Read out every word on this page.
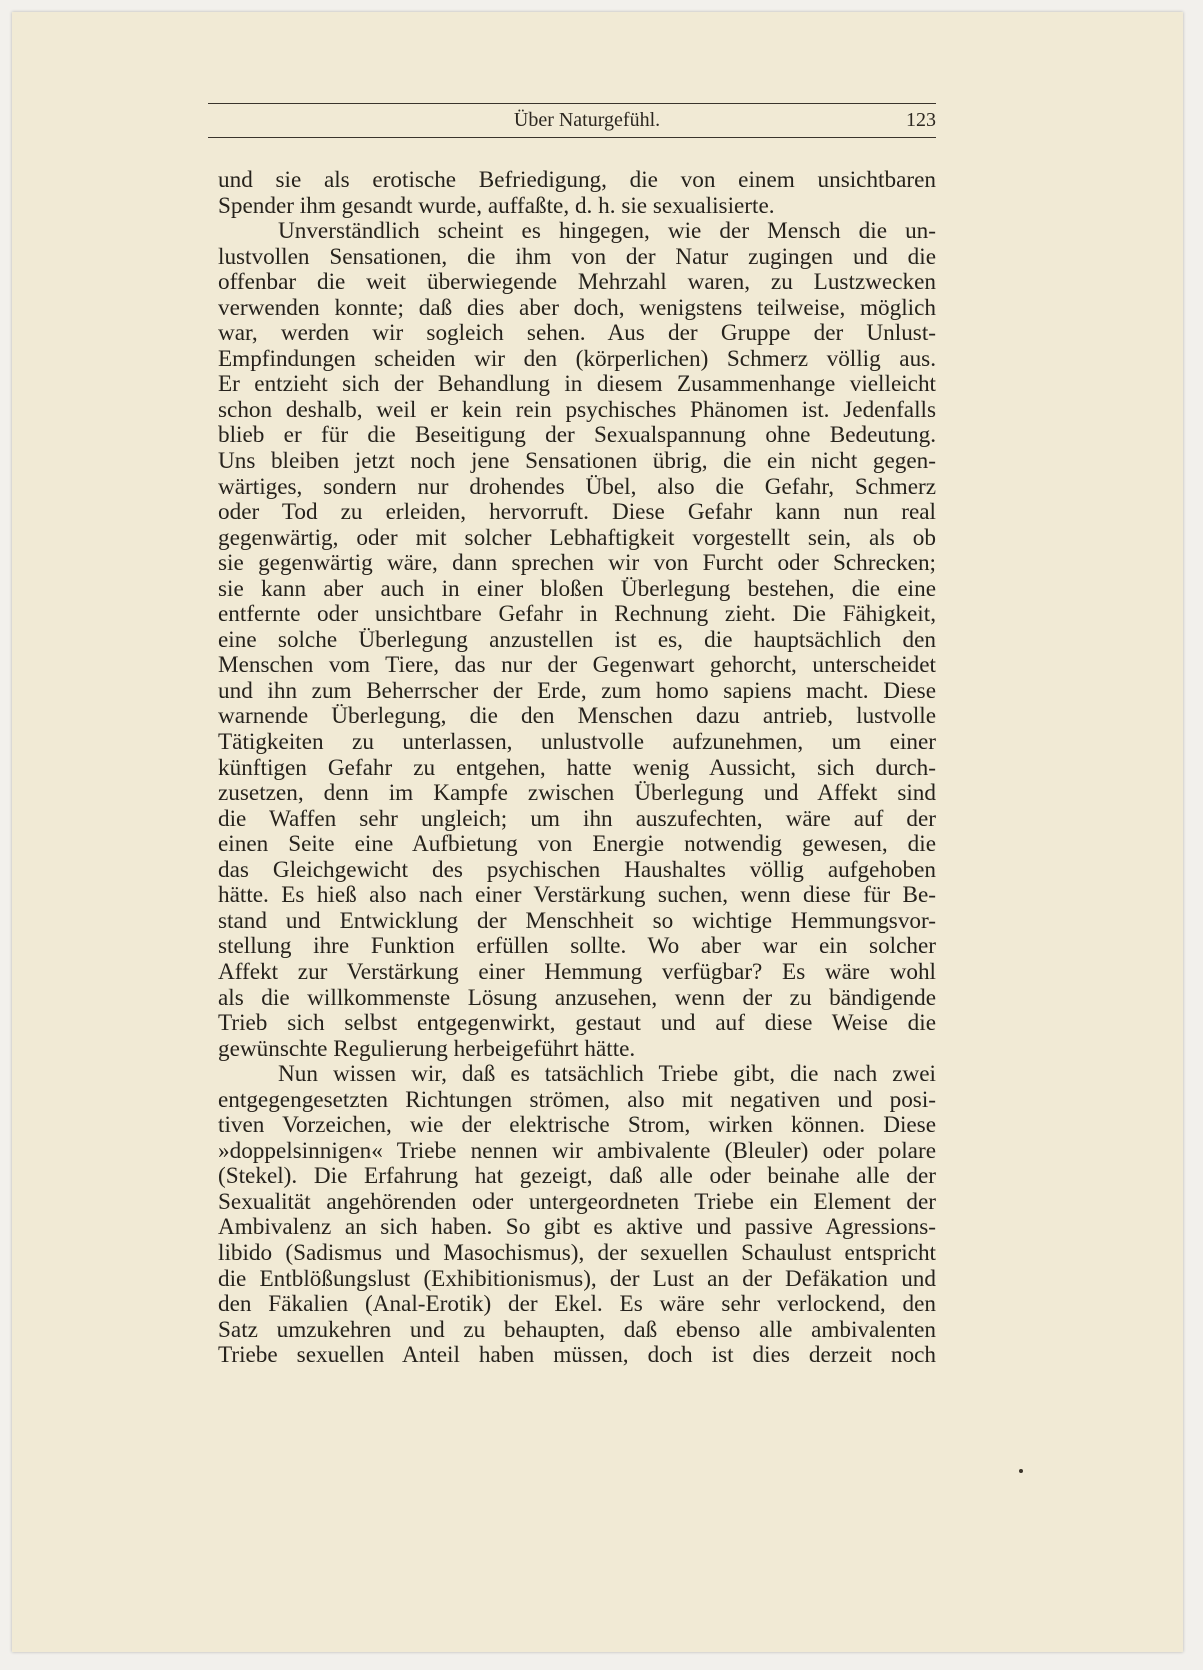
Über Naturgefühl.	123
und sie als erotische Befriedigung, die von einem unsichtbaren
Spender ihm gesandt wurde, auffaßte, d. h. sie sexualisierte.
Unverständlich scheint es hingegen, wie der Mensch die un-
lustvollen Sensationen, die ihm von der Natur zugingen und die
offenbar die weit überwiegende Mehrzahl waren, zu Lustzwecken
verwenden konnte; daß dies aber doch, wenigstens teilweise, möglich
war, werden wir sogleich sehen. Aus der Gruppe der Unlust-
Empfindungen scheiden wir den (körperlichen) Schmerz völlig aus.
Er entzieht sich der Behandlung in diesem Zusammenhange vielleicht
schon deshalb, weil er kein rein psychisches Phänomen ist. Jedenfalls
blieb er für die Beseitigung der Sexualspannung ohne Bedeutung.
Uns bleiben jetzt noch jene Sensationen übrig, die ein nicht gegen-
wärtiges, sondern nur drohendes Übel, also die Gefahr, Schmerz
oder Tod zu erleiden, hervorruft. Diese Gefahr kann nun real
gegenwärtig, oder mit solcher Lebhaftigkeit vorgestellt sein, als ob
sie gegenwärtig wäre, dann sprechen wir von Furcht oder Schrecken;
sie kann aber auch in einer bloßen Überlegung bestehen, die eine
entfernte oder unsichtbare Gefahr in Rechnung zieht. Die Fähigkeit,
eine solche Überlegung anzustellen ist es, die hauptsächlich den
Menschen vom Tiere, das nur der Gegenwart gehorcht, unterscheidet
und ihn zum Beherrscher der Erde, zum homo sapiens macht. Diese
warnende Überlegung, die den Menschen dazu antrieb, lustvolle
Tätigkeiten zu unterlassen, unlustvolle aufzunehmen, um einer
künftigen Gefahr zu entgehen, hatte wenig Aussicht, sich durch-
zusetzen, denn im Kampfe zwischen Überlegung und Affekt sind
die Waffen sehr ungleich; um ihn auszufechten, wäre auf der
einen Seite eine Aufbietung von Energie notwendig gewesen, die
das Gleichgewicht des psychischen Haushaltes völlig aufgehoben
hätte. Es hieß also nach einer Verstärkung suchen, wenn diese für Be-
stand und Entwicklung der Menschheit so wichtige Hemmungsvor-
stellung ihre Funktion erfüllen sollte. Wo aber war ein solcher
Affekt zur Verstärkung einer Hemmung verfügbar? Es wäre wohl
als die willkommenste Lösung anzusehen, wenn der zu bändigende
Trieb sich selbst entgegenwirkt, gestaut und auf diese Weise die
gewünschte Regulierung herbeigeführt hätte.
Nun wissen wir, daß es tatsächlich Triebe gibt, die nach zwei
entgegengesetzten Richtungen strömen, also mit negativen und posi-
tiven Vorzeichen, wie der elektrische Strom, wirken können. Diese
»doppelsinnigen« Triebe nennen wir ambivalente (Bleuler) oder polare
(Stekel). Die Erfahrung hat gezeigt, daß alle oder beinahe alle der
Sexualität angehörenden oder untergeordneten Triebe ein Element der
Ambivalenz an sich haben. So gibt es aktive und passive Agressions-
libido (Sadismus und Masochismus), der sexuellen Schaulust entspricht
die Entblößungslust (Exhibitionismus), der Lust an der Defäkation und
den Fäkalien (Anal-Erotik) der Ekel. Es wäre sehr verlockend, den
Satz umzukehren und zu behaupten, daß ebenso alle ambivalenten
Triebe sexuellen Anteil haben müssen, doch ist dies derzeit noch
